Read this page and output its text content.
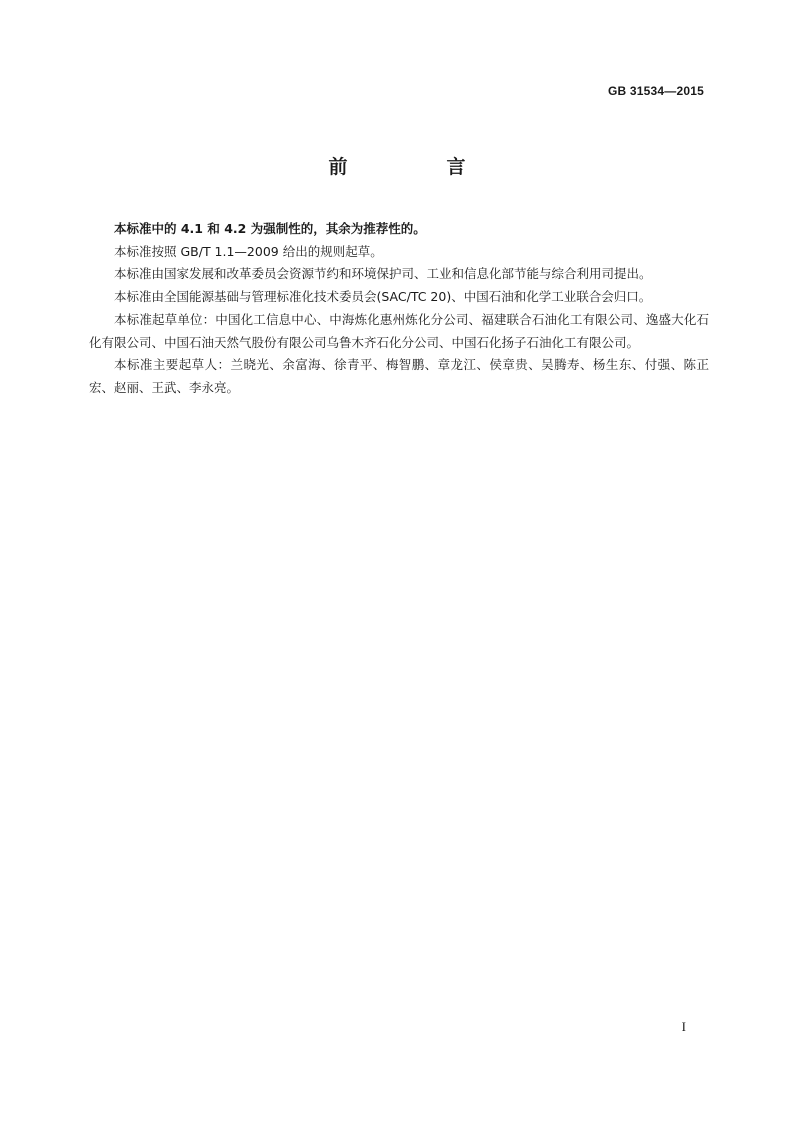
GB 31534—2015
前　言

本标准中的 4.1 和 4.2 为强制性的，其余为推荐性的。

本标准按照 GB/T 1.1—2009 给出的规则起草。

本标准由国家发展和改革委员会资源节约和环境保护司、工业和信息化部节能与综合利用司提出。

本标准由全国能源基础与管理标准化技术委员会(SAC/TC 20)、中国石油和化学工业联合会归口。

本标准起草单位：中国化工信息中心、中海炼化惠州炼化分公司、福建联合石油化工有限公司、逸盛大化石化有限公司、中国石油天然气股份有限公司乌鲁木齐石化分公司、中国石化扬子石油化工有限公司。

本标准主要起草人：兰晓光、余富海、徐青平、梅智鹏、章龙江、侯章贵、吴腾寿、杨生东、付强、陈正宏、赵丽、王武、李永亮。

I
